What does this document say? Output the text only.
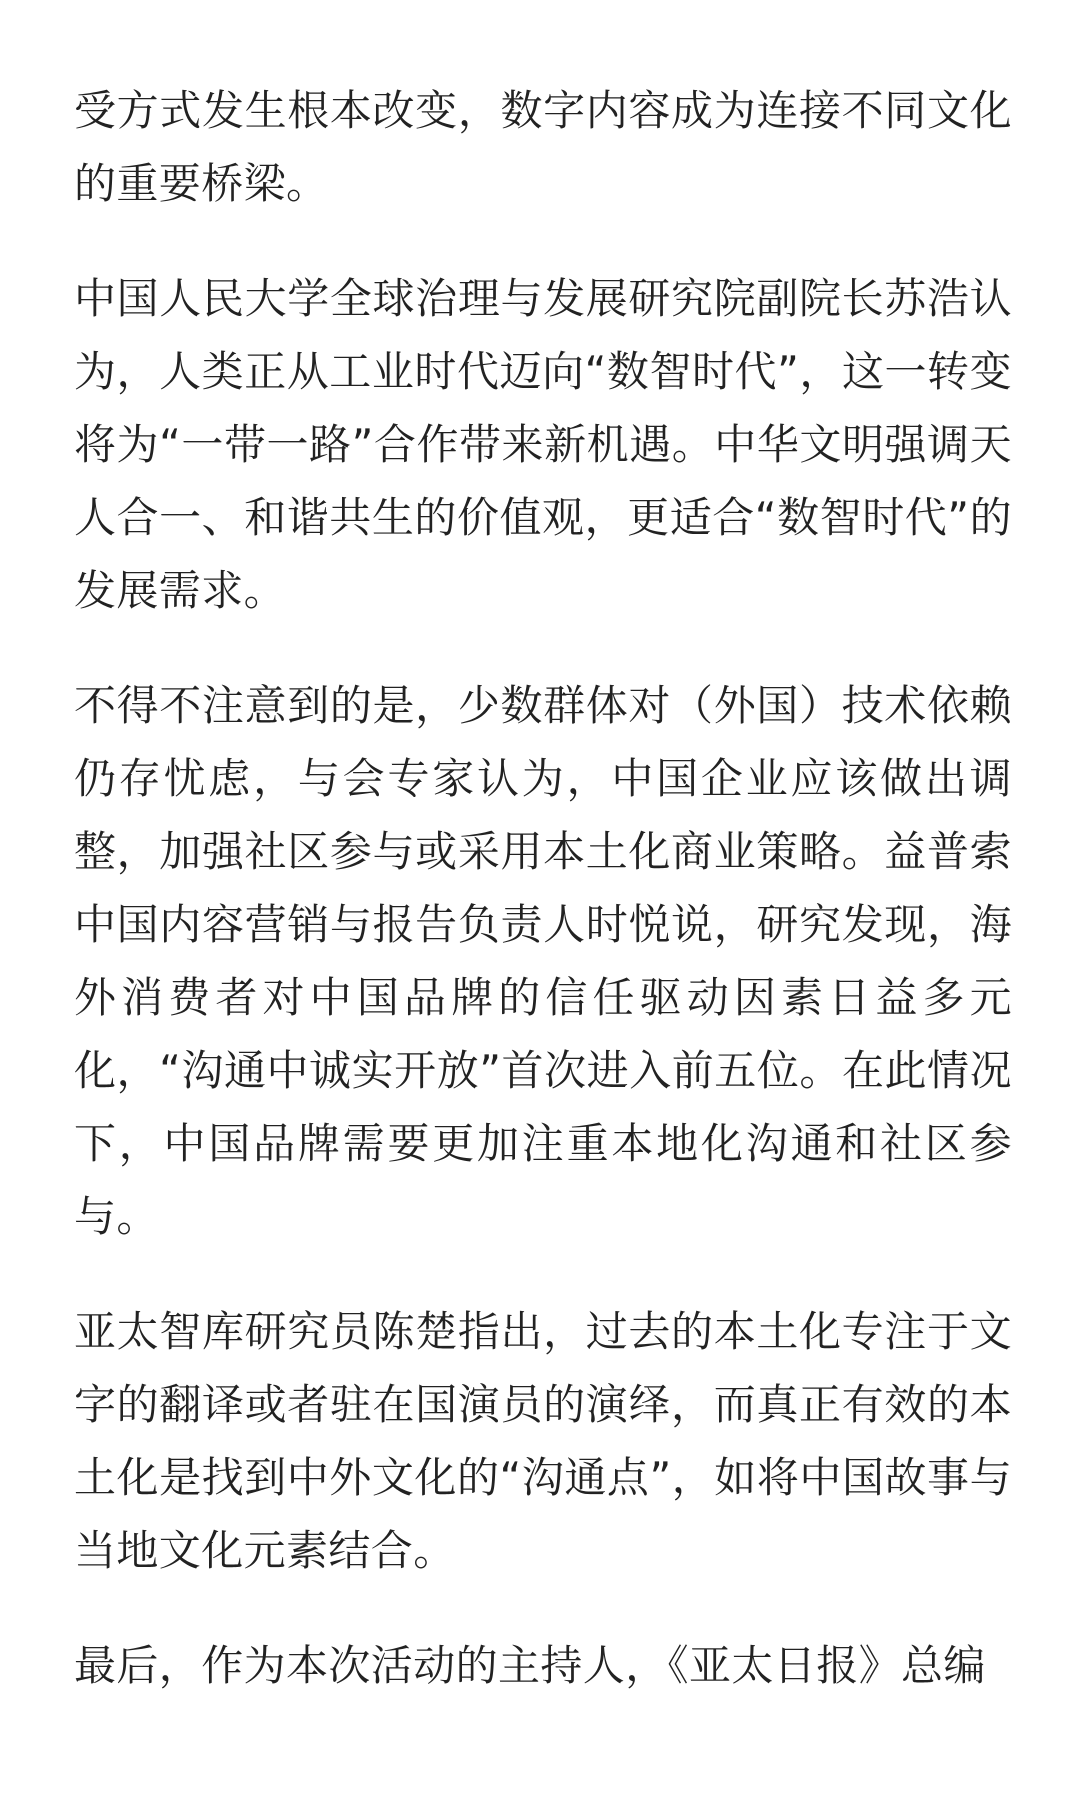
受方式发生根本改变，数字内容成为连接不同文化的重要桥梁。

中国人民大学全球治理与发展研究院副院长苏浩认为，人类正从工业时代迈向“数智时代”，这一转变将为“一带一路”合作带来新机遇。中华文明强调天人合一、和谐共生的价值观，更适合“数智时代”的发展需求。

不得不注意到的是，少数群体对（外国）技术依赖仍存忧虑，与会专家认为，中国企业应该做出调整，加强社区参与或采用本土化商业策略。益普索中国内容营销与报告负责人时悦说，研究发现，海外消费者对中国品牌的信任驱动因素日益多元化，“沟通中诚实开放”首次进入前五位。在此情况下，中国品牌需要更加注重本地化沟通和社区参与。

亚太智库研究员陈楚指出，过去的本土化专注于文字的翻译或者驻在国演员的演绎，而真正有效的本土化是找到中外文化的“沟通点”，如将中国故事与当地文化元素结合。

最后，作为本次活动的主持人，《亚太日报》总编
